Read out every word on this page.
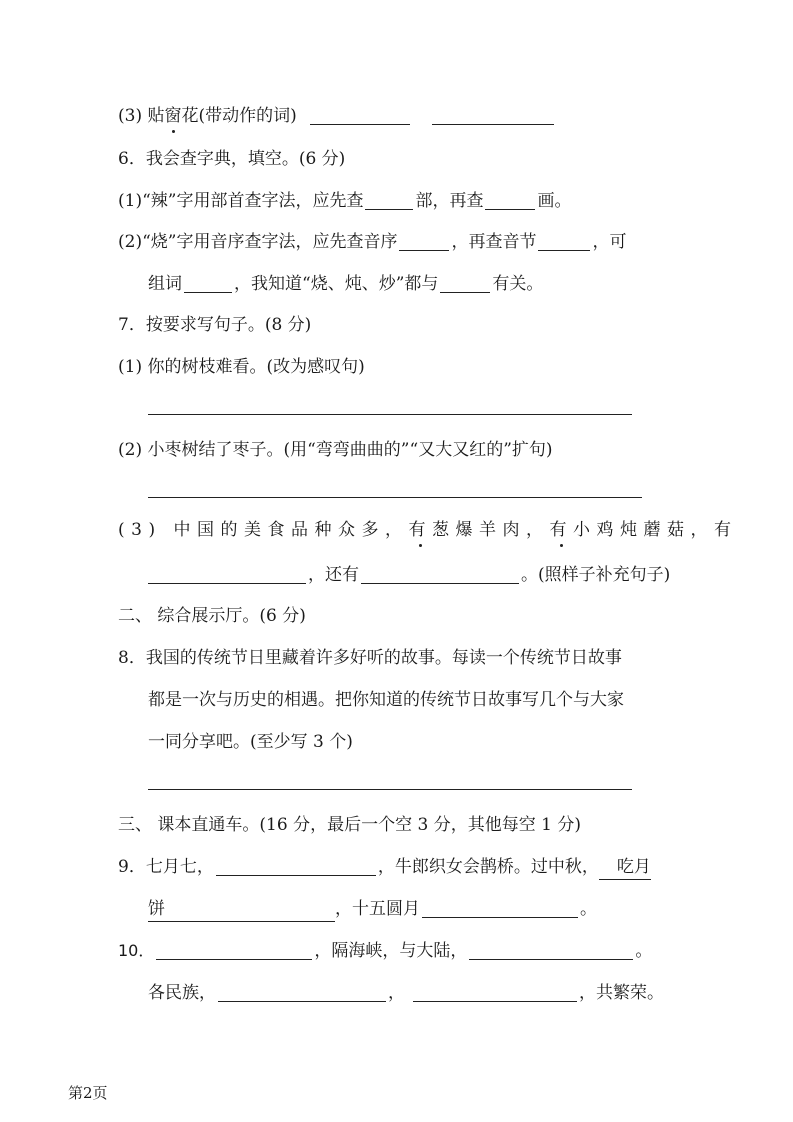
(3) 贴窗花(带动作的词)
6．我会查字典，填空。(6 分)
(1)“辣”字用部首查字法，应先查	部，再查	画。
(2)“烧”字用音序查字法，应先查音序	，再查音节	，可
组词	，我知道“烧、炖、炒”都与	有关。
7．按要求写句子。(8 分)
(1) 你的树枝难看。(改为感叹句)
(2) 小枣树结了枣子。(用“弯弯曲曲的”“又大又红的”扩句)
(3) 中国的美食品种众多，有葱爆羊肉，有小鸡炖蘑菇，有
，还有	。(照样子补充句子)
二、 综合展示厅。(6 分)
8．我国的传统节日里藏着许多好听的故事。每读一个传统节日故事
都是一次与历史的相遇。把你知道的传统节日故事写几个与大家
一同分享吧。(至少写 3 个)
三、 课本直通车。(16 分，最后一个空 3 分，其他每空 1 分)
9．七月七，	，牛郎织女会鹊桥。过中秋， 吃月
饼	，十五圆月	。
10．	，隔海峡，与大陆，	。
各民族，	，	，共繁荣。
第2页
